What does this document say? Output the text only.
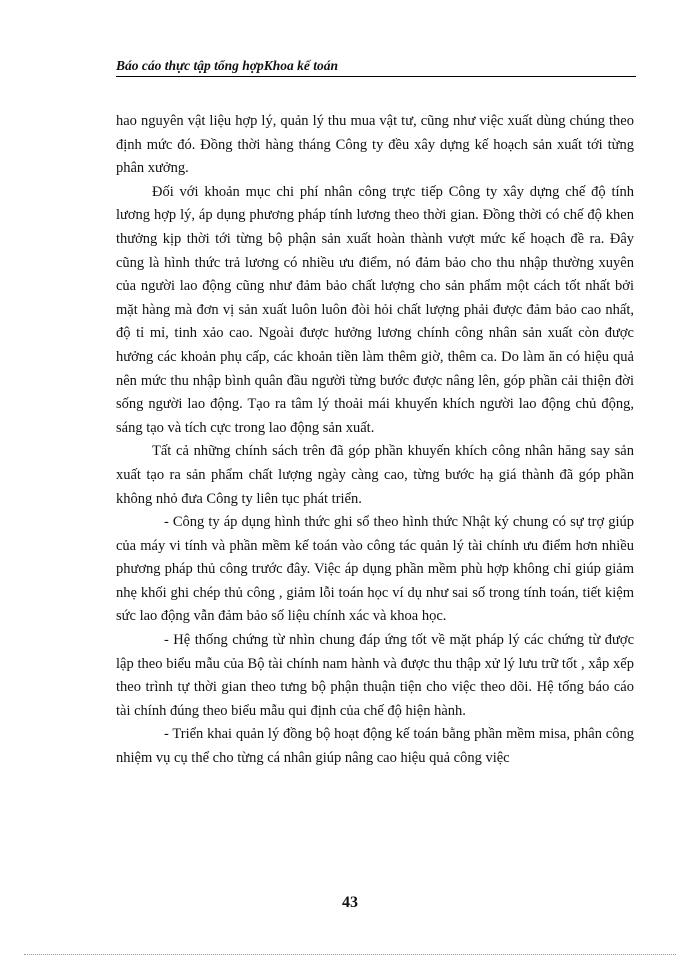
Báo cáo thực tập tổng hợpKhoa kế toán

hao nguyên vật liệu hợp lý, quản lý thu mua vật tư, cũng như việc xuất dùng chúng theo định mức đó. Đồng thời hàng tháng Công ty đều xây dựng kế hoạch sản xuất tới từng phân xưởng.

Đối với khoản mục chi phí nhân công trực tiếp Công ty xây dựng chế độ tính lương hợp lý, áp dụng phương pháp tính lương theo thời gian. Đồng thời có chế độ khen thưởng kịp thời tới từng bộ phận sản xuất hoàn thành vượt mức kế hoạch đề ra. Đây cũng là hình thức trả lương có nhiều ưu điểm, nó đảm bảo cho thu nhập thường xuyên của người lao động cũng như đảm bảo chất lượng cho sản phẩm một cách tốt nhất bởi mặt hàng mà đơn vị sản xuất luôn luôn đòi hỏi chất lượng phải được đảm bảo cao nhất, độ tỉ mỉ, tinh xảo cao. Ngoài được hưởng lương chính công nhân sản xuất còn được hưởng các khoản phụ cấp, các khoản tiền làm thêm giờ, thêm ca. Do làm ăn có hiệu quả nên mức thu nhập bình quân đầu người từng bước được nâng lên, góp phần cải thiện đời sống người lao động. Tạo ra tâm lý thoải mái khuyến khích người lao động chủ động, sáng tạo và tích cực trong lao động sản xuất.

Tất cả những chính sách trên đã góp phần khuyến khích công nhân hăng say sản xuất tạo ra sản phẩm chất lượng ngày càng cao, từng bước hạ giá thành đã góp phần không nhỏ đưa Công ty liên tục phát triển.

- Công ty áp dụng hình thức ghi sổ theo hình thức Nhật ký chung có sự trợ giúp của máy vi tính và phần mềm kế toán vào công tác quản lý tài chính ưu điểm hơn nhiều phương pháp thủ công trước đây. Việc áp dụng phần mềm phù hợp không chỉ giúp giảm nhẹ khối ghi chép thủ công , giảm lỗi toán học ví dụ như sai số trong tính toán, tiết kiệm sức lao động vẫn đảm bảo số liệu chính xác và khoa học.

- Hệ thống chứng từ nhìn chung đáp ứng tốt về mặt pháp lý các chứng từ được lập theo biểu mẫu của Bộ tài chính nam hành và được thu thập xử lý lưu trữ tốt , xắp xếp theo trình tự thời gian theo tưng bộ phận thuận tiện cho việc theo dõi. Hệ tống báo cáo tài chính đúng theo biểu mẫu qui định của chế độ hiện hành.

- Triển khai quản lý đồng bộ hoạt động kế toán bằng phần mềm misa, phân công nhiệm vụ cụ thể cho từng cá nhân giúp nâng cao hiệu quả công việc

43
